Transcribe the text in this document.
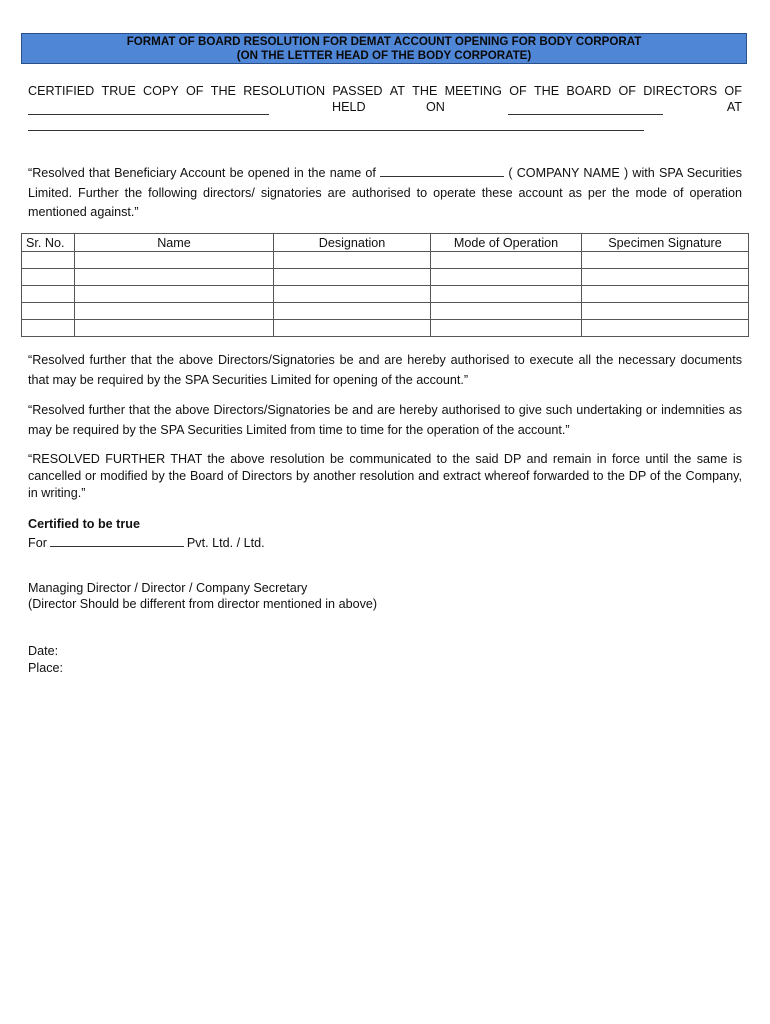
FORMAT OF BOARD RESOLUTION FOR DEMAT ACCOUNT OPENING FOR BODY CORPORAT
(ON THE LETTER HEAD OF THE BODY CORPORATE)
CERTIFIED TRUE COPY OF THE RESOLUTION PASSED AT THE MEETING OF THE BOARD OF DIRECTORS OF
HELD	ON	AT
“Resolved that Beneficiary Account be opened in the name of	( COMPANY NAME ) with SPA Securities Limited. Further the following directors/ signatories are authorised to operate these account as per the mode of operation mentioned against.”
Sr. No.	Name	Designation	Mode of Operation	Specimen Signature

“Resolved further that the above Directors/Signatories be and are hereby authorised to execute all the necessary documents that may be required by the SPA Securities Limited for opening of the account.”
“Resolved further that the above Directors/Signatories be and are hereby authorised to give such undertaking or indemnities as may be required by the SPA Securities Limited from time to time for the operation of the account.”
“RESOLVED FURTHER THAT the above resolution be communicated to the said DP and remain in force until the same is cancelled or modified by the Board of Directors by another resolution and extract whereof forwarded to the DP of the Company, in writing.”
Certified to be true
For	Pvt. Ltd. / Ltd.
Managing Director / Director / Company Secretary
(Director Should be different from director mentioned in above)
Date:
Place:
